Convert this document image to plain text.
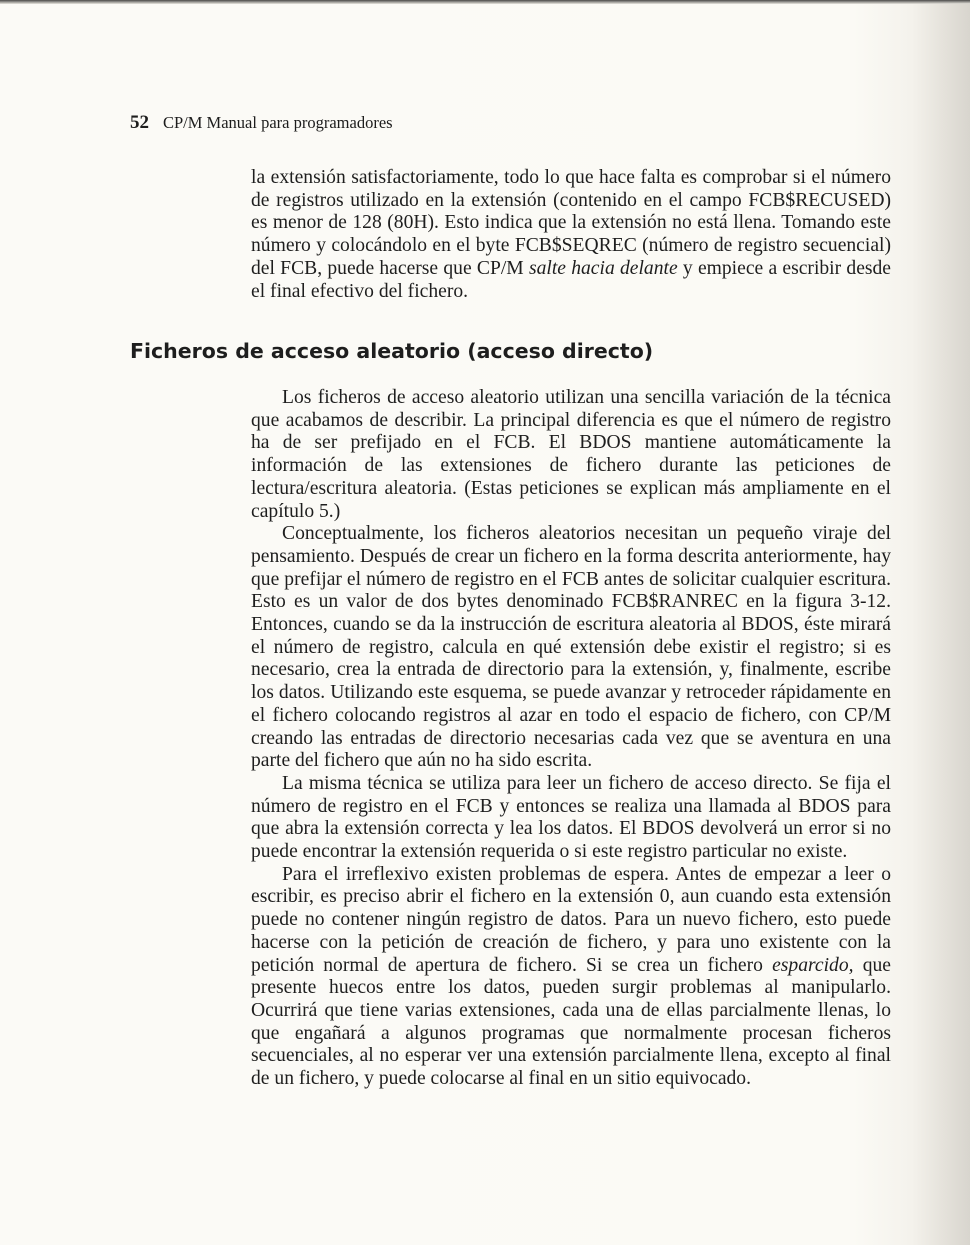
52 CP/M Manual para programadores

la extensión satisfactoriamente, todo lo que hace falta es comprobar si el número de registros utilizado en la extensión (contenido en el campo FCB$RECUSED) es menor de 128 (80H). Esto indica que la extensión no está llena. Tomando este número y colocándolo en el byte FCB$SEQREC (número de registro secuencial) del FCB, puede hacerse que CP/M salte hacia delante y empiece a escribir desde el final efectivo del fichero.

Ficheros de acceso aleatorio (acceso directo)

Los ficheros de acceso aleatorio utilizan una sencilla variación de la técnica que acabamos de describir. La principal diferencia es que el número de registro ha de ser prefijado en el FCB. El BDOS mantiene automáticamente la información de las extensiones de fichero durante las peticiones de lectura/escritura aleatoria. (Estas peticiones se explican más ampliamente en el capítulo 5.)

Conceptualmente, los ficheros aleatorios necesitan un pequeño viraje del pensamiento. Después de crear un fichero en la forma descrita anteriormente, hay que prefijar el número de registro en el FCB antes de solicitar cualquier escritura. Esto es un valor de dos bytes denominado FCB$RANREC en la figura 3-12. Entonces, cuando se da la instrucción de escritura aleatoria al BDOS, éste mirará el número de registro, calcula en qué extensión debe existir el registro; si es necesario, crea la entrada de directorio para la extensión, y, finalmente, escribe los datos. Utilizando este esquema, se puede avanzar y retroceder rápidamente en el fichero colocando registros al azar en todo el espacio de fichero, con CP/M creando las entradas de directorio necesarias cada vez que se aventura en una parte del fichero que aún no ha sido escrita.

La misma técnica se utiliza para leer un fichero de acceso directo. Se fija el número de registro en el FCB y entonces se realiza una llamada al BDOS para que abra la extensión correcta y lea los datos. El BDOS devolverá un error si no puede encontrar la extensión requerida o si este registro particular no existe.

Para el irreflexivo existen problemas de espera. Antes de empezar a leer o escribir, es preciso abrir el fichero en la extensión 0, aun cuando esta extensión puede no contener ningún registro de datos. Para un nuevo fichero, esto puede hacerse con la petición de creación de fichero, y para uno existente con la petición normal de apertura de fichero. Si se crea un fichero esparcido, que presente huecos entre los datos, pueden surgir problemas al manipularlo. Ocurrirá que tiene varias extensiones, cada una de ellas parcialmente llenas, lo que engañará a algunos programas que normalmente procesan ficheros secuenciales, al no esperar ver una extensión parcialmente llena, excepto al final de un fichero, y puede colocarse al final en un sitio equivocado.
